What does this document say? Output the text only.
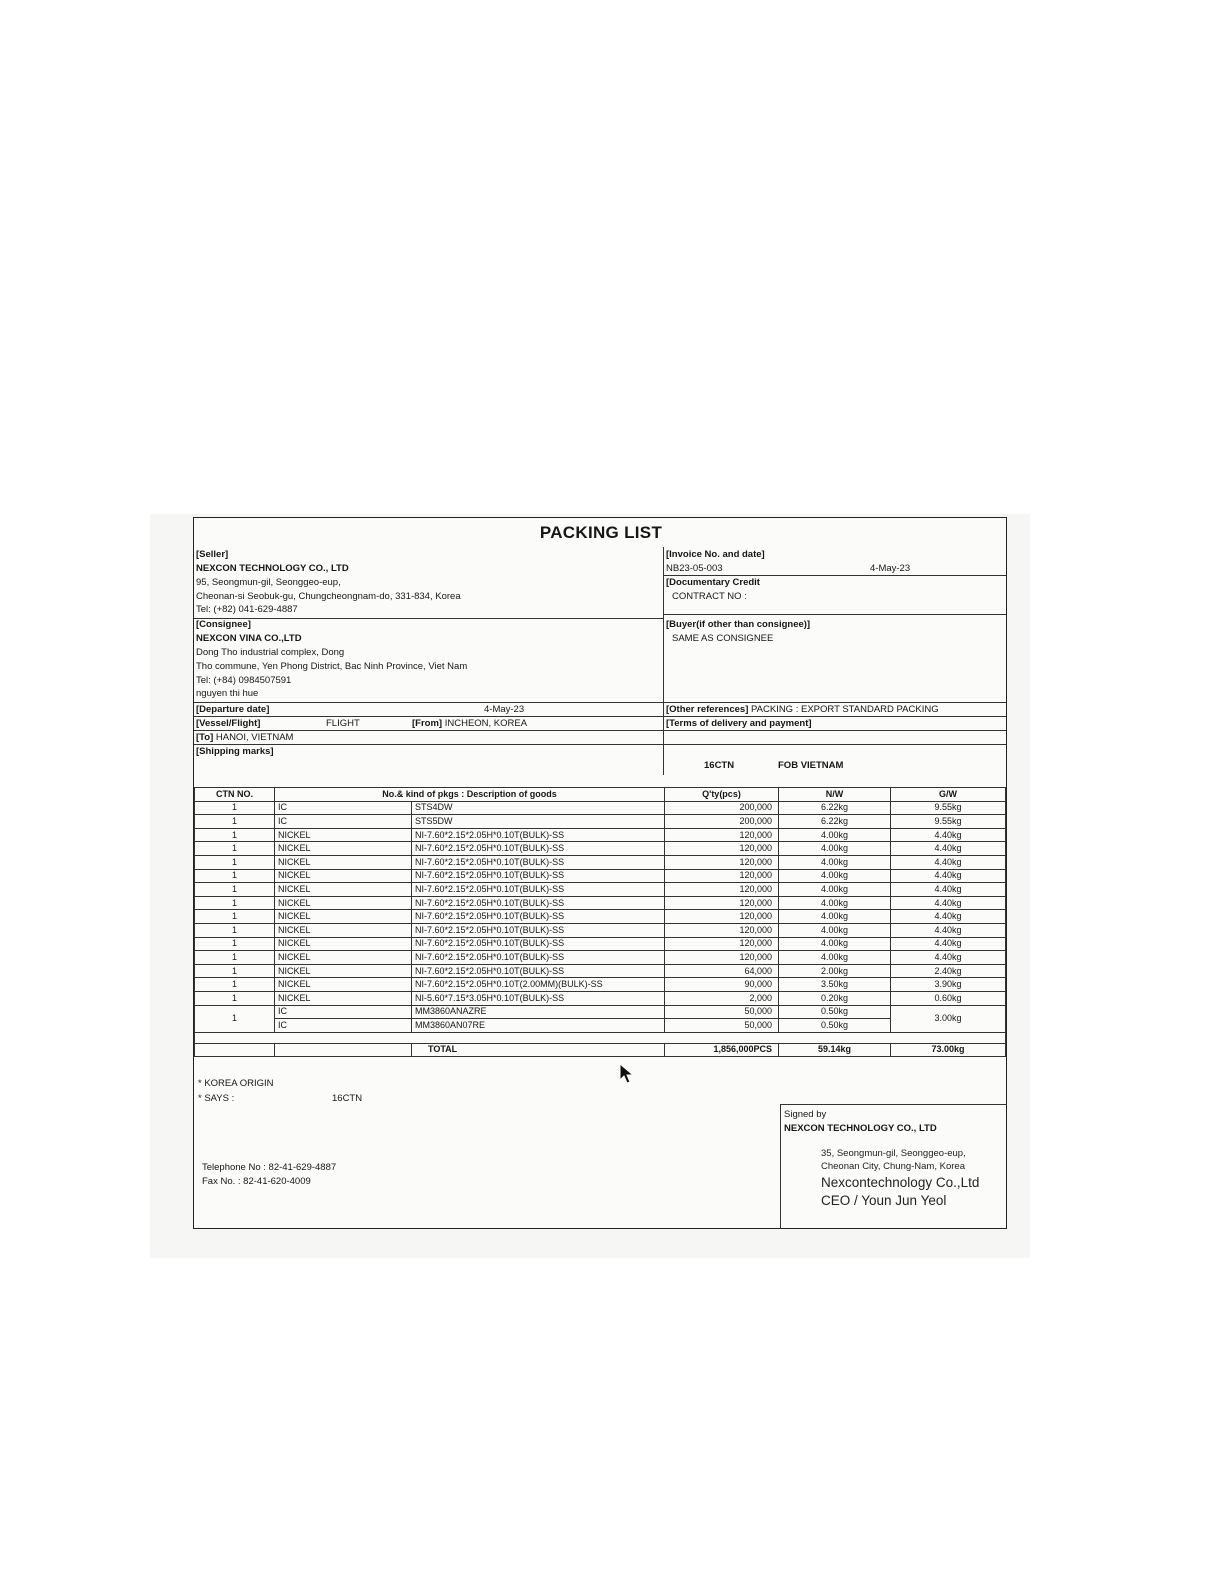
PACKING LIST
[Seller]
NEXCON TECHNOLOGY CO., LTD
95, Seongmun-gil, Seonggeo-eup,
Cheonan-si Seobuk-gu, Chungcheongnam-do, 331-834, Korea
Tel: (+82) 041-629-4887
[Invoice No. and date]
NB23-05-003	4-May-23
[Documentary Credit
CONTRACT NO :
[Consignee]
NEXCON VINA CO.,LTD
Dong Tho industrial complex, Dong
Tho commune, Yen Phong District, Bac Ninh Province, Viet Nam
Tel: (+84) 0984507591
nguyen thi hue
[Buyer(if other than consignee)]
SAME AS CONSIGNEE
[Departure date]	4-May-23	[Other references] PACKING : EXPORT STANDARD PACKING
[Vessel/Flight]	FLIGHT	[From] INCHEON, KOREA	[Terms of delivery and payment]
[To] HANOI, VIETNAM
[Shipping marks]
16CTN	FOB VIETNAM
CTN NO.	No.& kind of pkgs : Description of goods		Q'ty(pcs)	N/W	G/W
1	IC	STS4DW	200,000	6.22kg	9.55kg
1	IC	STS5DW	200,000	6.22kg	9.55kg
1	NICKEL	NI-7.60*2.15*2.05H*0.10T(BULK)-SS	120,000	4.00kg	4.40kg
1	NICKEL	NI-7.60*2.15*2.05H*0.10T(BULK)-SS	120,000	4.00kg	4.40kg
1	NICKEL	NI-7.60*2.15*2.05H*0.10T(BULK)-SS	120,000	4.00kg	4.40kg
1	NICKEL	NI-7.60*2.15*2.05H*0.10T(BULK)-SS	120,000	4.00kg	4.40kg
1	NICKEL	NI-7.60*2.15*2.05H*0.10T(BULK)-SS	120,000	4.00kg	4.40kg
1	NICKEL	NI-7.60*2.15*2.05H*0.10T(BULK)-SS	120,000	4.00kg	4.40kg
1	NICKEL	NI-7.60*2.15*2.05H*0.10T(BULK)-SS	120,000	4.00kg	4.40kg
1	NICKEL	NI-7.60*2.15*2.05H*0.10T(BULK)-SS	120,000	4.00kg	4.40kg
1	NICKEL	NI-7.60*2.15*2.05H*0.10T(BULK)-SS	120,000	4.00kg	4.40kg
1	NICKEL	NI-7.60*2.15*2.05H*0.10T(BULK)-SS	120,000	4.00kg	4.40kg
1	NICKEL	NI-7.60*2.15*2.05H*0.10T(BULK)-SS	64,000	2.00kg	2.40kg
1	NICKEL	NI-7.60*2.15*2.05H*0.10T(2.00MM)(BULK)-SS	90,000	3.50kg	3.90kg
1	NICKEL	NI-5.60*7.15*3.05H*0.10T(BULK)-SS	2,000	0.20kg	0.60kg
1	IC	MM3860ANAZRE	50,000	0.50kg	3.00kg
	IC	MM3860AN07RE	50,000	0.50kg	

		TOTAL	1,856,000PCS	59.14kg	73.00kg
* KOREA ORIGIN
* SAYS :	16CTN
Telephone No : 82-41-629-4887
Fax No. : 82-41-620-4009
Signed by
NEXCON TECHNOLOGY CO., LTD
35, Seongmun-gil, Seonggeo-eup,
Cheonan City, Chung-Nam, Korea
Nexcontechnology Co.,Ltd
CEO / Youn Jun Yeol
